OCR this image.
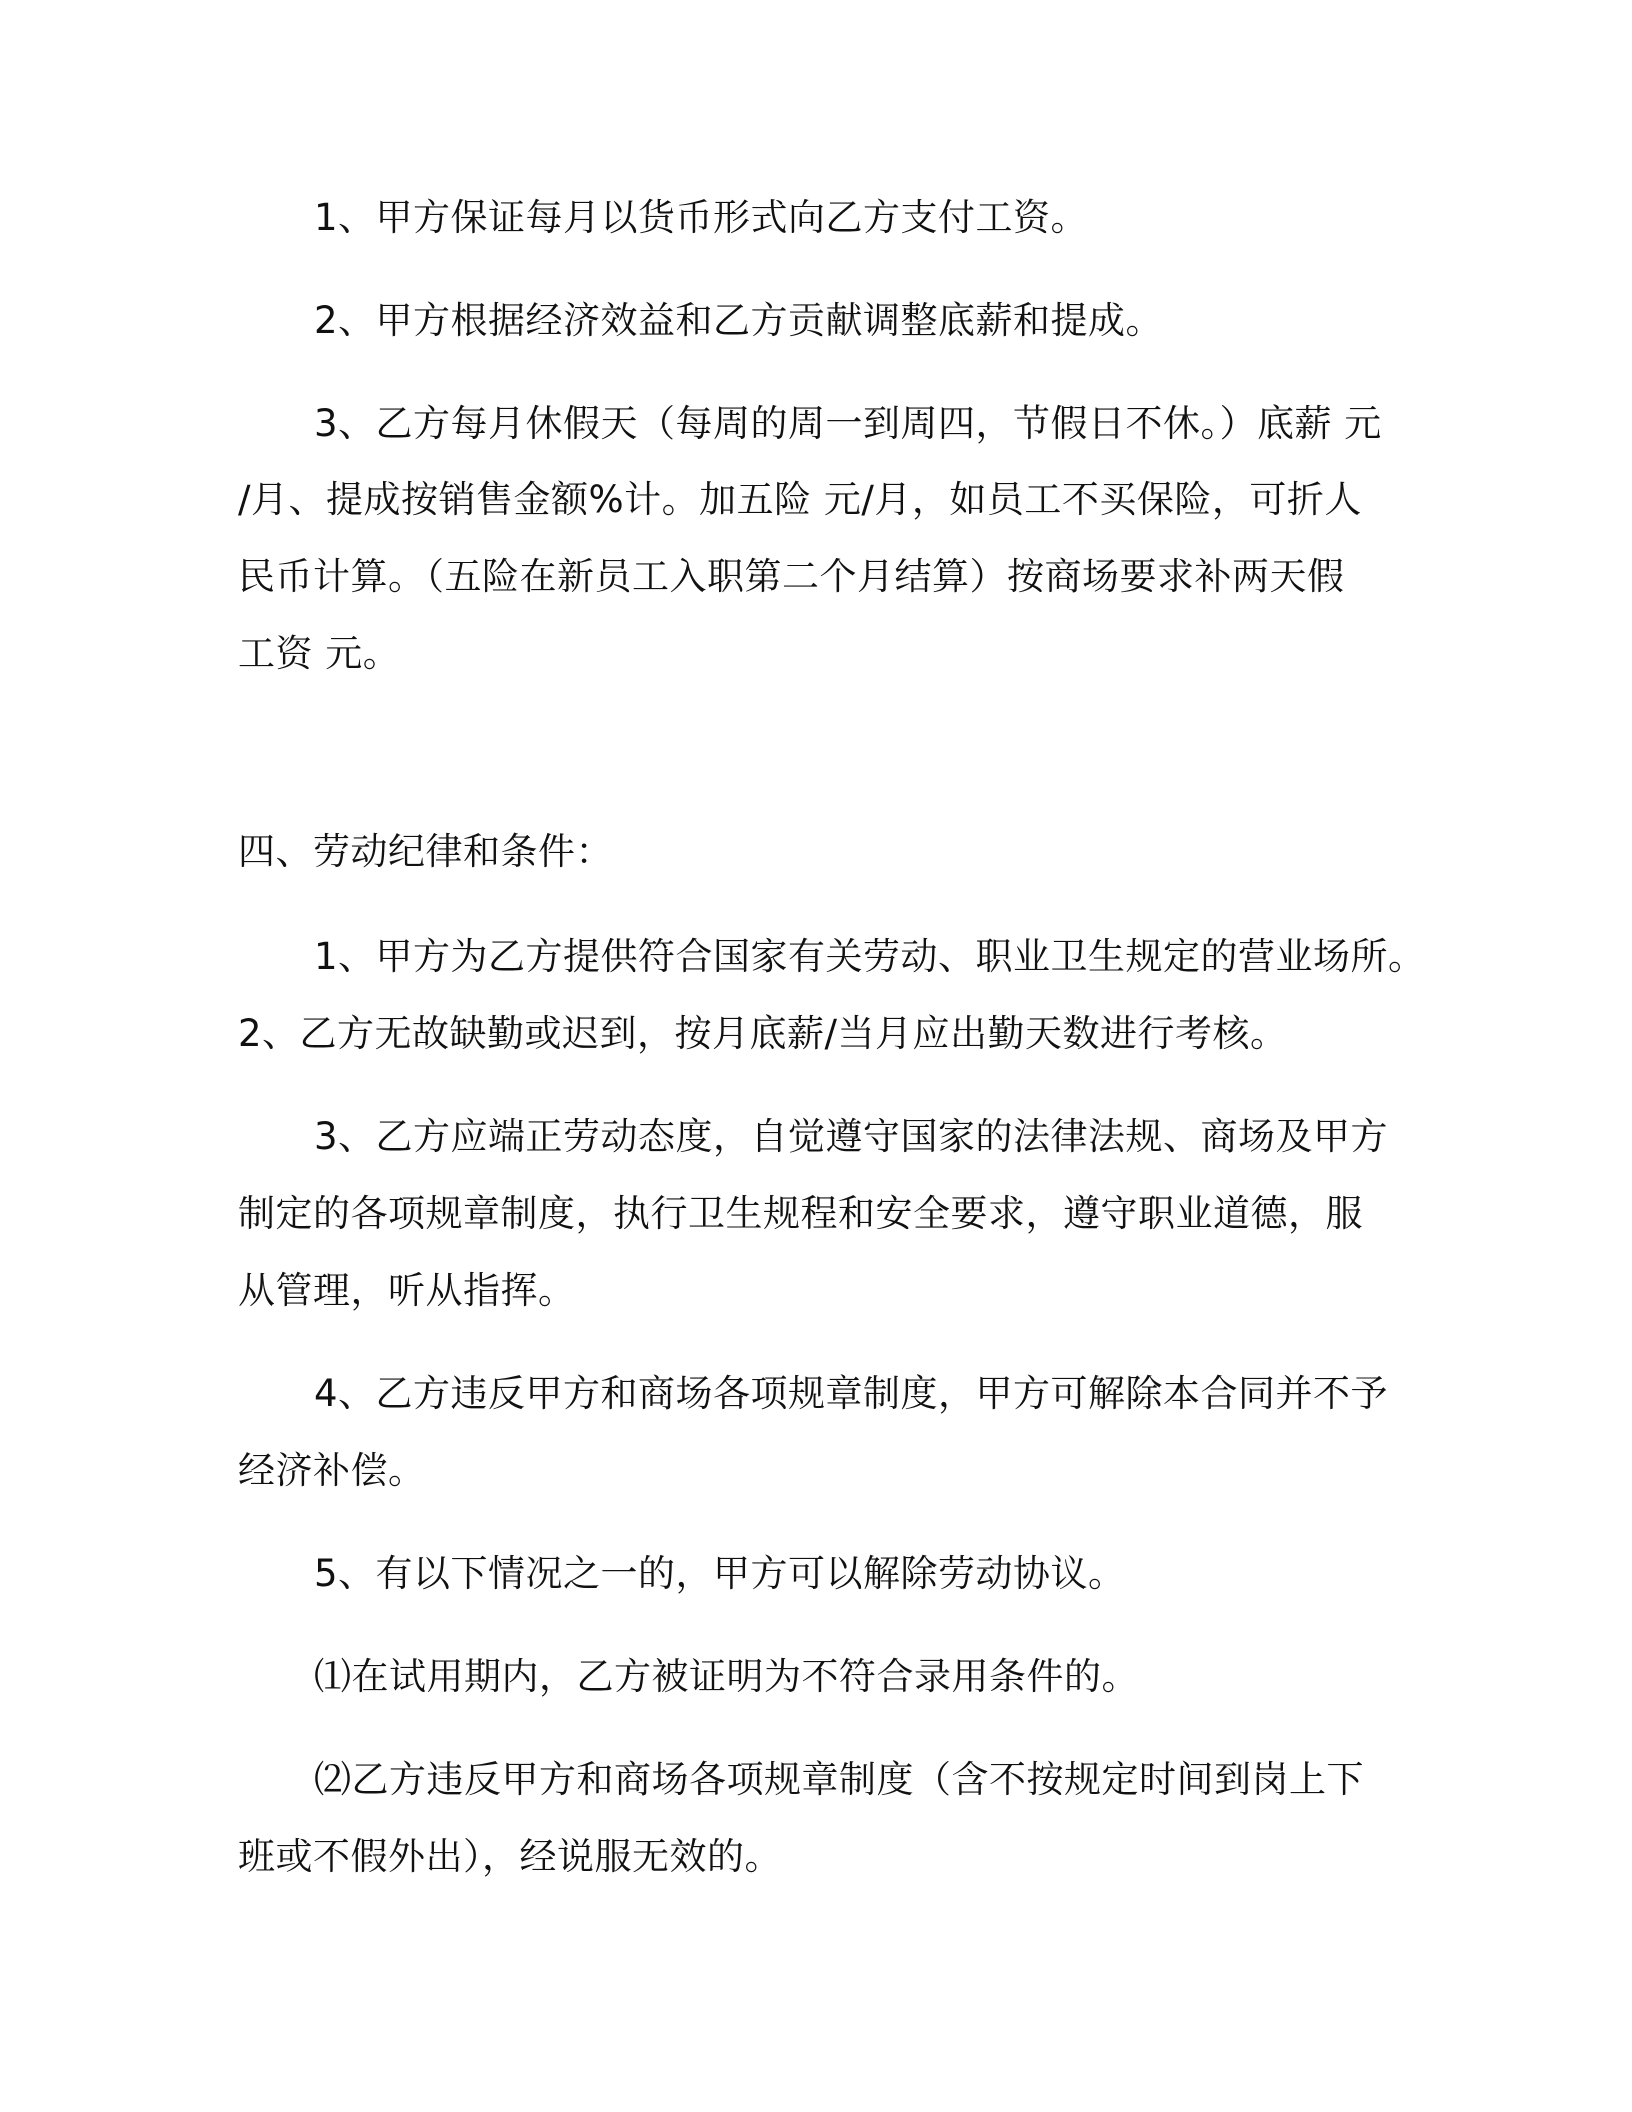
1、甲方保证每月以货币形式向乙方支付工资。
2、甲方根据经济效益和乙方贡献调整底薪和提成。
3、乙方每月休假天（每周的周一到周四，节假日不休。）底薪 元
/月、提成按销售金额%计。加五险 元/月，如员工不买保险，可折人
民币计算。（五险在新员工入职第二个月结算）按商场要求补两天假
工资 元。
四、劳动纪律和条件：
1、甲方为乙方提供符合国家有关劳动、职业卫生规定的营业场所。
2、乙方无故缺勤或迟到，按月底薪/当月应出勤天数进行考核。
3、乙方应端正劳动态度，自觉遵守国家的法律法规、商场及甲方
制定的各项规章制度，执行卫生规程和安全要求，遵守职业道德，服
从管理，听从指挥。
4、乙方违反甲方和商场各项规章制度，甲方可解除本合同并不予
经济补偿。
5、有以下情况之一的，甲方可以解除劳动协议。
⑴在试用期内，乙方被证明为不符合录用条件的。
⑵乙方违反甲方和商场各项规章制度（含不按规定时间到岗上下
班或不假外出），经说服无效的。
